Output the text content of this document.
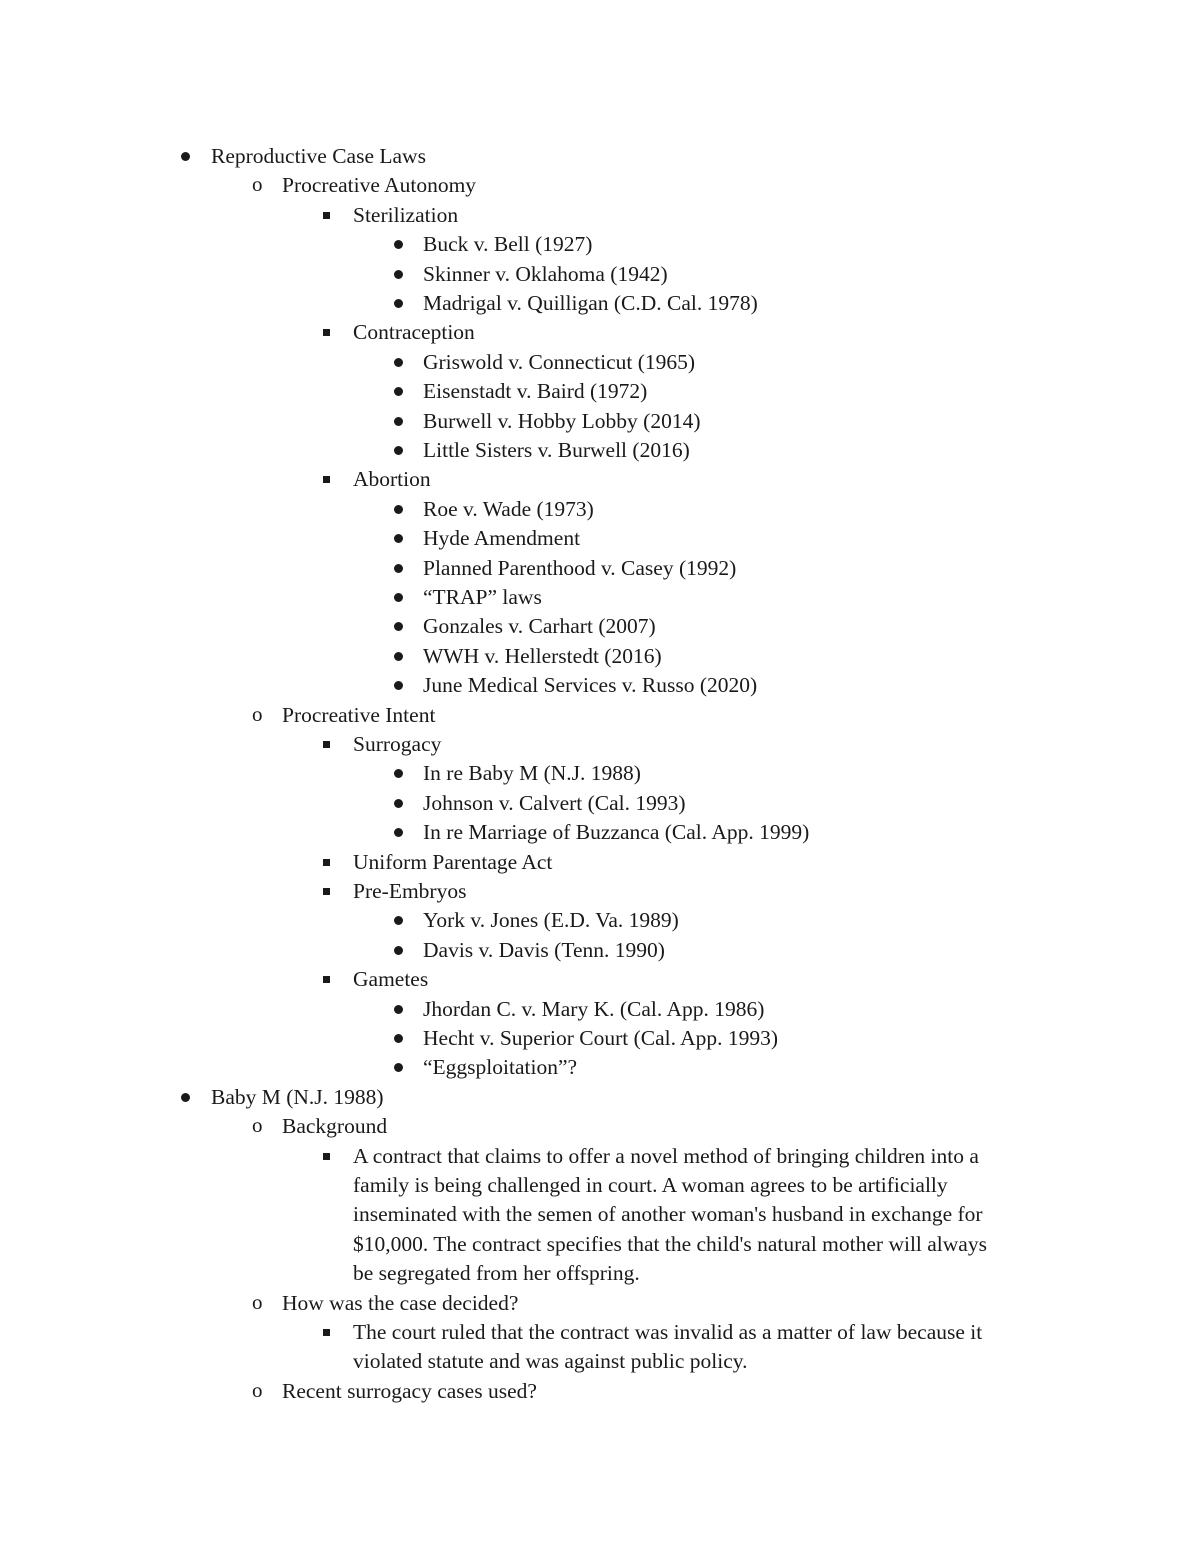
Reproductive Case Laws
o Procreative Autonomy
Sterilization
Buck v. Bell (1927)
Skinner v. Oklahoma (1942)
Madrigal v. Quilligan (C.D. Cal. 1978)
Contraception
Griswold v. Connecticut (1965)
Eisenstadt v. Baird (1972)
Burwell v. Hobby Lobby (2014)
Little Sisters v. Burwell (2016)
Abortion
Roe v. Wade (1973)
Hyde Amendment
Planned Parenthood v. Casey (1992)
“TRAP” laws
Gonzales v. Carhart (2007)
WWH v. Hellerstedt (2016)
June Medical Services v. Russo (2020)
o Procreative Intent
Surrogacy
In re Baby M (N.J. 1988)
Johnson v. Calvert (Cal. 1993)
In re Marriage of Buzzanca (Cal. App. 1999)
Uniform Parentage Act
Pre-Embryos
York v. Jones (E.D. Va. 1989)
Davis v. Davis (Tenn. 1990)
Gametes
Jhordan C. v. Mary K. (Cal. App. 1986)
Hecht v. Superior Court (Cal. App. 1993)
“Eggsploitation”?
Baby M (N.J. 1988)
o Background
A contract that claims to offer a novel method of bringing children into a
family is being challenged in court. A woman agrees to be artificially
inseminated with the semen of another woman's husband in exchange for
$10,000. The contract specifies that the child's natural mother will always
be segregated from her offspring.
o How was the case decided?
The court ruled that the contract was invalid as a matter of law because it
violated statute and was against public policy.
o Recent surrogacy cases used?
